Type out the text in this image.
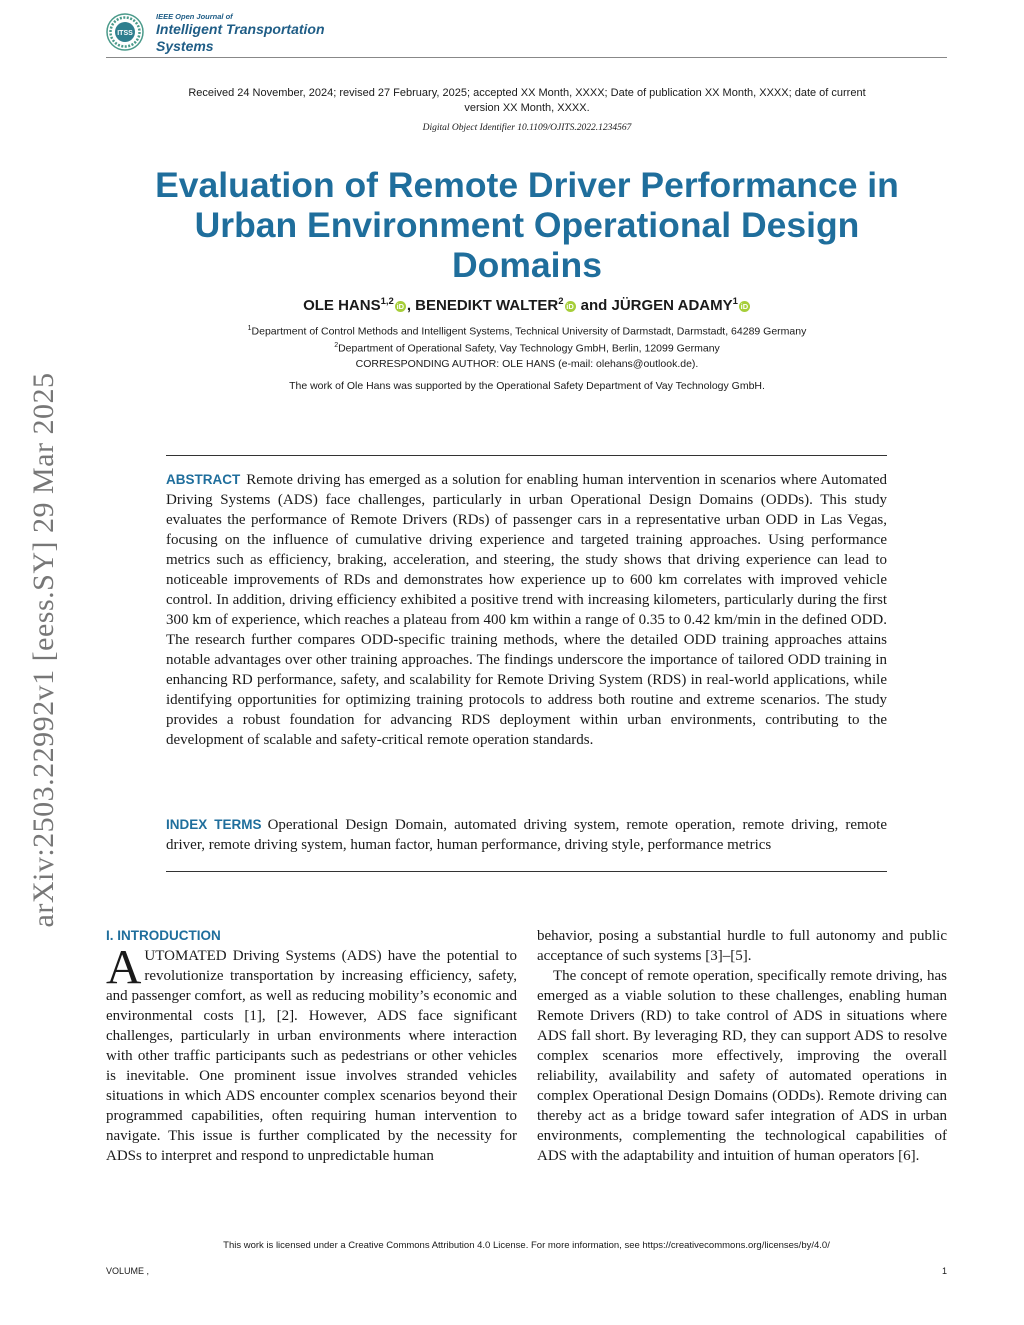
ITSS
IEEE Open Journal of
Intelligent Transportation
Systems
arXiv:2503.22992v1 [eess.SY] 29 Mar 2025
Received 24 November, 2024; revised 27 February, 2025; accepted XX Month, XXXX; Date of publication XX Month, XXXX; date of current version XX Month, XXXX.
Digital Object Identifier 10.1109/OJITS.2022.1234567
Evaluation of Remote Driver Performance in Urban Environment Operational Design Domains
OLE HANS$^{1,2}$ iD , BENEDIKT WALTER$^2$ iD and JÜRGEN ADAMY$^1$ iD
$^1$Department of Control Methods and Intelligent Systems, Technical University of Darmstadt, Darmstadt, 64289 Germany
$^2$Department of Operational Safety, Vay Technology GmbH, Berlin, 12099 Germany
CORRESPONDING AUTHOR: OLE HANS (e-mail: olehans@outlook.de).
The work of Ole Hans was supported by the Operational Safety Department of Vay Technology GmbH.
ABSTRACT Remote driving has emerged as a solution for enabling human intervention in scenarios where Automated Driving Systems (ADS) face challenges, particularly in urban Operational Design Domains (ODDs). This study evaluates the performance of Remote Drivers (RDs) of passenger cars in a representative urban ODD in Las Vegas, focusing on the influence of cumulative driving experience and targeted training approaches. Using performance metrics such as efficiency, braking, acceleration, and steering, the study shows that driving experience can lead to noticeable improvements of RDs and demonstrates how experience up to 600 km correlates with improved vehicle control. In addition, driving efficiency exhibited a positive trend with increasing kilometers, particularly during the first 300 km of experience, which reaches a plateau from 400 km within a range of 0.35 to 0.42 km/min in the defined ODD. The research further compares ODD-specific training methods, where the detailed ODD training approaches attains notable advantages over other training approaches. The findings underscore the importance of tailored ODD training in enhancing RD performance, safety, and scalability for Remote Driving System (RDS) in real-world applications, while identifying opportunities for optimizing training protocols to address both routine and extreme scenarios. The study provides a robust foundation for advancing RDS deployment within urban environments, contributing to the development of scalable and safety-critical remote operation standards.
INDEX TERMS Operational Design Domain, automated driving system, remote operation, remote driving, remote driver, remote driving system, human factor, human performance, driving style, performance metrics
I. INTRODUCTION
A UTOMATED Driving Systems (ADS) have the potential to revolutionize transportation by increasing efficiency, safety, and passenger comfort, as well as reducing mobility’s economic and environmental costs [1], [2]. However, ADS face significant challenges, particularly in urban environments where interaction with other traffic participants such as pedestrians or other vehicles is inevitable. One prominent issue involves stranded vehicles situations in which ADS encounter complex scenarios beyond their programmed capabilities, often requiring human intervention to navigate. This issue is further complicated by the necessity for ADSs to interpret and respond to unpredictable human

behavior, posing a substantial hurdle to full autonomy and public acceptance of such systems [3]–[5].

The concept of remote operation, specifically remote driving, has emerged as a viable solution to these challenges, enabling human Remote Drivers (RD) to take control of ADS in situations where ADS fall short. By leveraging RD, they can support ADS to resolve complex scenarios more effectively, improving the overall reliability, availability and safety of automated operations in complex Operational Design Domains (ODDs). Remote driving can thereby act as a bridge toward safer integration of ADS in urban environments, complementing the technological capabilities of ADS with the adaptability and intuition of human operators [6].

This work is licensed under a Creative Commons Attribution 4.0 License. For more information, see https://creativecommons.org/licenses/by/4.0/
VOLUME ,	1
